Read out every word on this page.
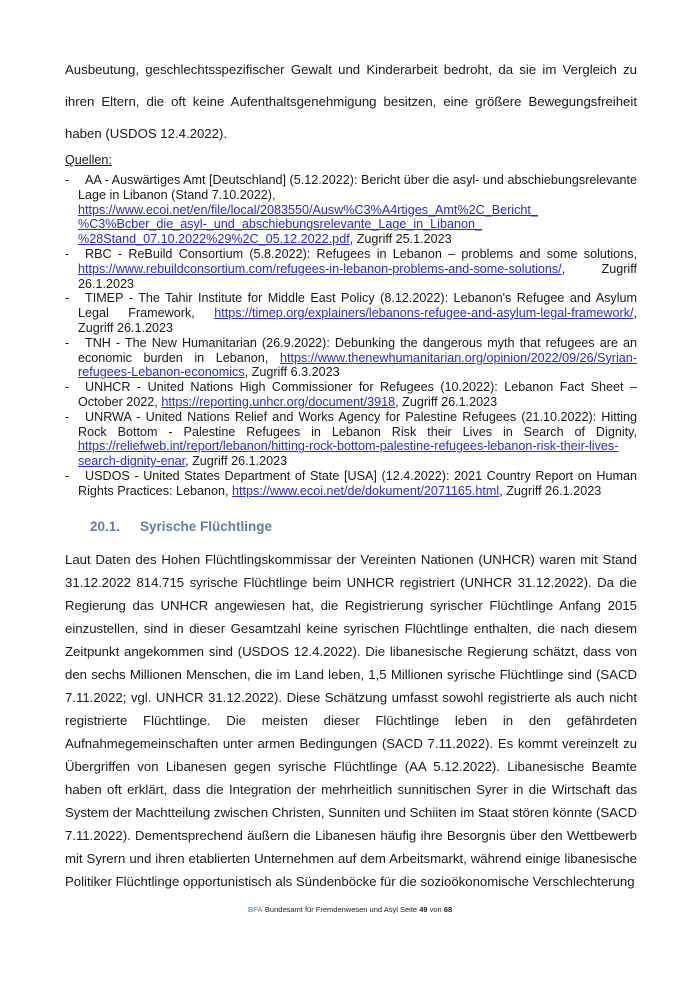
Ausbeutung, geschlechtsspezifischer Gewalt und Kinderarbeit bedroht, da sie im Vergleich zu ihren Eltern, die oft keine Aufenthaltsgenehmigung besitzen, eine größere Bewegungsfreiheit haben (USDOS 12.4.2022).

Quellen:
- AA - Auswärtiges Amt [Deutschland] (5.12.2022): Bericht über die asyl- und abschiebungsrelevante Lage in Libanon (Stand 7.10.2022),
https://www.ecoi.net/en/file/local/2083550/Ausw%C3%A4rtiges_Amt%2C_Bericht_
%C3%Bcber_die_asyl-_und_abschiebungsrelevante_Lage_in_Libanon_
%28Stand_07.10.2022%29%2C_05.12.2022.pdf, Zugriff 25.1.2023
- RBC - ReBuild Consortium (5.8.2022): Refugees in Lebanon – problems and some solutions, https://www.rebuildconsortium.com/refugees-in-lebanon-problems-and-some-solutions/, Zugriff 26.1.2023
- TIMEP - The Tahir Institute for Middle East Policy (8.12.2022): Lebanon's Refugee and Asylum Legal Framework, https://timep.org/explainers/lebanons-refugee-and-asylum-legal-framework/, Zugriff 26.1.2023
- TNH - The New Humanitarian (26.9.2022): Debunking the dangerous myth that refugees are an economic burden in Lebanon, https://www.thenewhumanitarian.org/opinion/2022/09/26/Syrian-refugees-Lebanon-economics, Zugriff 6.3.2023
- UNHCR - United Nations High Commissioner for Refugees (10.2022): Lebanon Fact Sheet – October 2022, https://reporting.unhcr.org/document/3918, Zugriff 26.1.2023
- UNRWA - United Nations Relief and Works Agency for Palestine Refugees (21.10.2022): Hitting Rock Bottom - Palestine Refugees in Lebanon Risk their Lives in Search of Dignity, https://reliefweb.int/report/lebanon/hitting-rock-bottom-palestine-refugees-lebanon-risk-their-lives-search-dignity-enar, Zugriff 26.1.2023
- USDOS - United States Department of State [USA] (12.4.2022): 2021 Country Report on Human Rights Practices: Lebanon, https://www.ecoi.net/de/dokument/2071165.html, Zugriff 26.1.2023
20.1. Syrische Flüchtlinge

Laut Daten des Hohen Flüchtlingskommissar der Vereinten Nationen (UNHCR) waren mit Stand 31.12.2022 814.715 syrische Flüchtlinge beim UNHCR registriert (UNHCR 31.12.2022). Da die Regierung das UNHCR angewiesen hat, die Registrierung syrischer Flüchtlinge Anfang 2015 einzustellen, sind in dieser Gesamtzahl keine syrischen Flüchtlinge enthalten, die nach diesem Zeitpunkt angekommen sind (USDOS 12.4.2022). Die libanesische Regierung schätzt, dass von den sechs Millionen Menschen, die im Land leben, 1,5 Millionen syrische Flüchtlinge sind (SACD 7.11.2022; vgl. UNHCR 31.12.2022). Diese Schätzung umfasst sowohl registrierte als auch nicht registrierte Flüchtlinge. Die meisten dieser Flüchtlinge leben in den gefährdeten Aufnahmegemeinschaften unter armen Bedingungen (SACD 7.11.2022). Es kommt vereinzelt zu Übergriffen von Libanesen gegen syrische Flüchtlinge (AA 5.12.2022). Libanesische Beamte haben oft erklärt, dass die Integration der mehrheitlich sunnitischen Syrer in die Wirtschaft das System der Machtteilung zwischen Christen, Sunniten und Schiiten im Staat stören könnte (SACD 7.11.2022). Dementsprechend äußern die Libanesen häufig ihre Besorgnis über den Wettbewerb mit Syrern und ihren etablierten Unternehmen auf dem Arbeitsmarkt, während einige libanesische Politiker Flüchtlinge opportunistisch als Sündenböcke für die sozioökonomische Verschlechterung

BFA Bundesamt für Fremdenwesen und Asyl Seite 49 von 68
